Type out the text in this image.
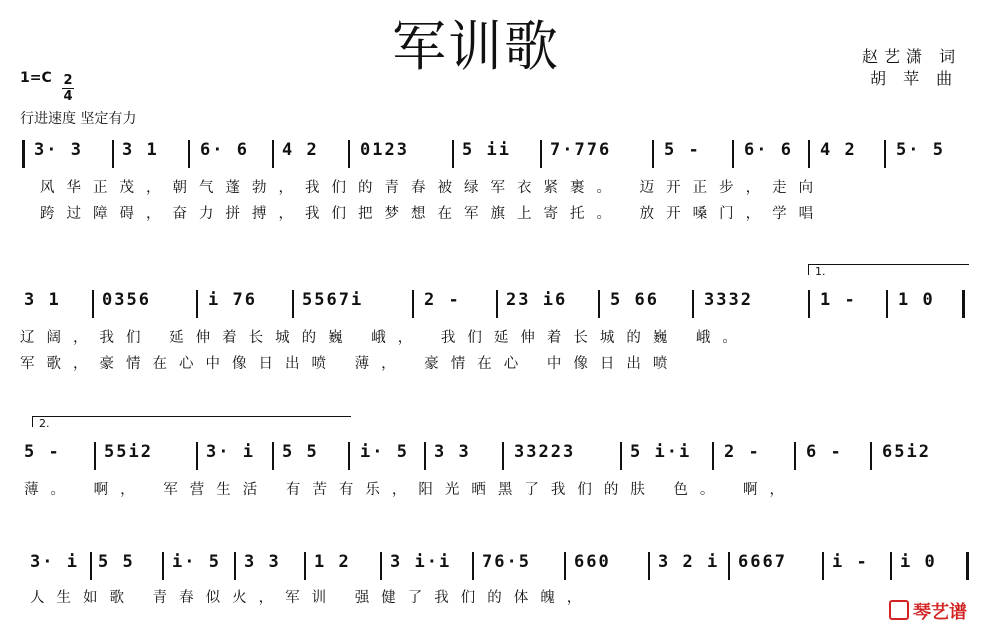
军训歌	赵艺潇 词
胡 苹 曲
1=C 2
4
行进速度 坚定有力
3· 3 3 1 6· 6 4 2 0123	5 ii 7·776	5 -	6· 6 4 2 5· 5
风华正茂，朝气蓬勃，我们的青春被绿军衣紧裹。 迈开正步，走向
跨过障碍，奋力拼搏，我们把梦想在军旗上寄托。 放开嗓门，学唱
3 1 0356	i 76	5567i	2 -	23 i6	5 66	3332
1.
1 - 1 0
辽阔，我们 延伸着长城的巍 峨， 我们延伸着长城的巍 峨。
军歌，豪情在心中像日出喷 薄， 豪情在心 中像日出喷
2.
5 -	55i2	3· i 5 5 i· 5 3 3	33223	5 i·i 2 -	6 - 65i2
薄。 啊， 军营生活 有苦有乐，阳光晒黑了我们的肤 色。 啊，
3· i 5 5 i· 5 3 3 1 2 3 i·i 76·5	660	3 2 i 6667	i - i 0
人生如歌 青春似火，军训 强健了我们的体魄，
琴艺谱
